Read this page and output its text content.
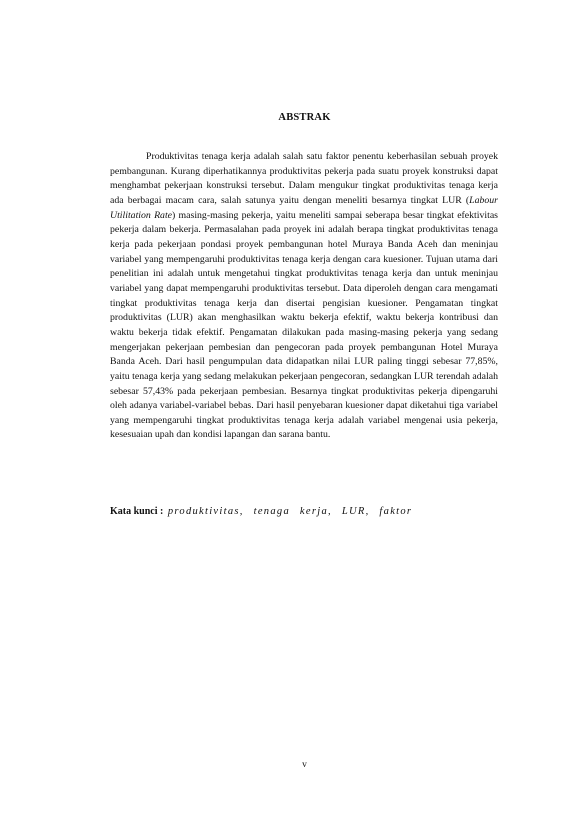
ABSTRAK

Produktivitas tenaga kerja adalah salah satu faktor penentu keberhasilan sebuah proyek pembangunan. Kurang diperhatikannya produktivitas pekerja pada suatu proyek konstruksi dapat menghambat pekerjaan konstruksi tersebut. Dalam mengukur tingkat produktivitas tenaga kerja ada berbagai macam cara, salah satunya yaitu dengan meneliti besarnya tingkat LUR (Labour Utilitation Rate) masing-masing pekerja, yaitu meneliti sampai seberapa besar tingkat efektivitas pekerja dalam bekerja. Permasalahan pada proyek ini adalah berapa tingkat produktivitas tenaga kerja pada pekerjaan pondasi proyek pembangunan hotel Muraya Banda Aceh dan meninjau variabel yang mempengaruhi produktivitas tenaga kerja dengan cara kuesioner. Tujuan utama dari penelitian ini adalah untuk mengetahui tingkat produktivitas tenaga kerja dan untuk meninjau variabel yang dapat mempengaruhi produktivitas tersebut. Data diperoleh dengan cara mengamati tingkat produktivitas tenaga kerja dan disertai pengisian kuesioner. Pengamatan tingkat produktivitas (LUR) akan menghasilkan waktu bekerja efektif, waktu bekerja kontribusi dan waktu bekerja tidak efektif. Pengamatan dilakukan pada masing-masing pekerja yang sedang mengerjakan pekerjaan pembesian dan pengecoran pada proyek pembangunan Hotel Muraya Banda Aceh. Dari hasil pengumpulan data didapatkan nilai LUR paling tinggi sebesar 77,85%, yaitu tenaga kerja yang sedang melakukan pekerjaan pengecoran, sedangkan LUR terendah adalah sebesar 57,43% pada pekerjaan pembesian. Besarnya tingkat produktivitas pekerja dipengaruhi oleh adanya variabel-variabel bebas. Dari hasil penyebaran kuesioner dapat diketahui tiga variabel yang mempengaruhi tingkat produktivitas tenaga kerja adalah variabel mengenai usia pekerja, kesesuaian upah dan kondisi lapangan dan sarana bantu.

Kata kunci : produktivitas, tenaga kerja, LUR, faktor
v
